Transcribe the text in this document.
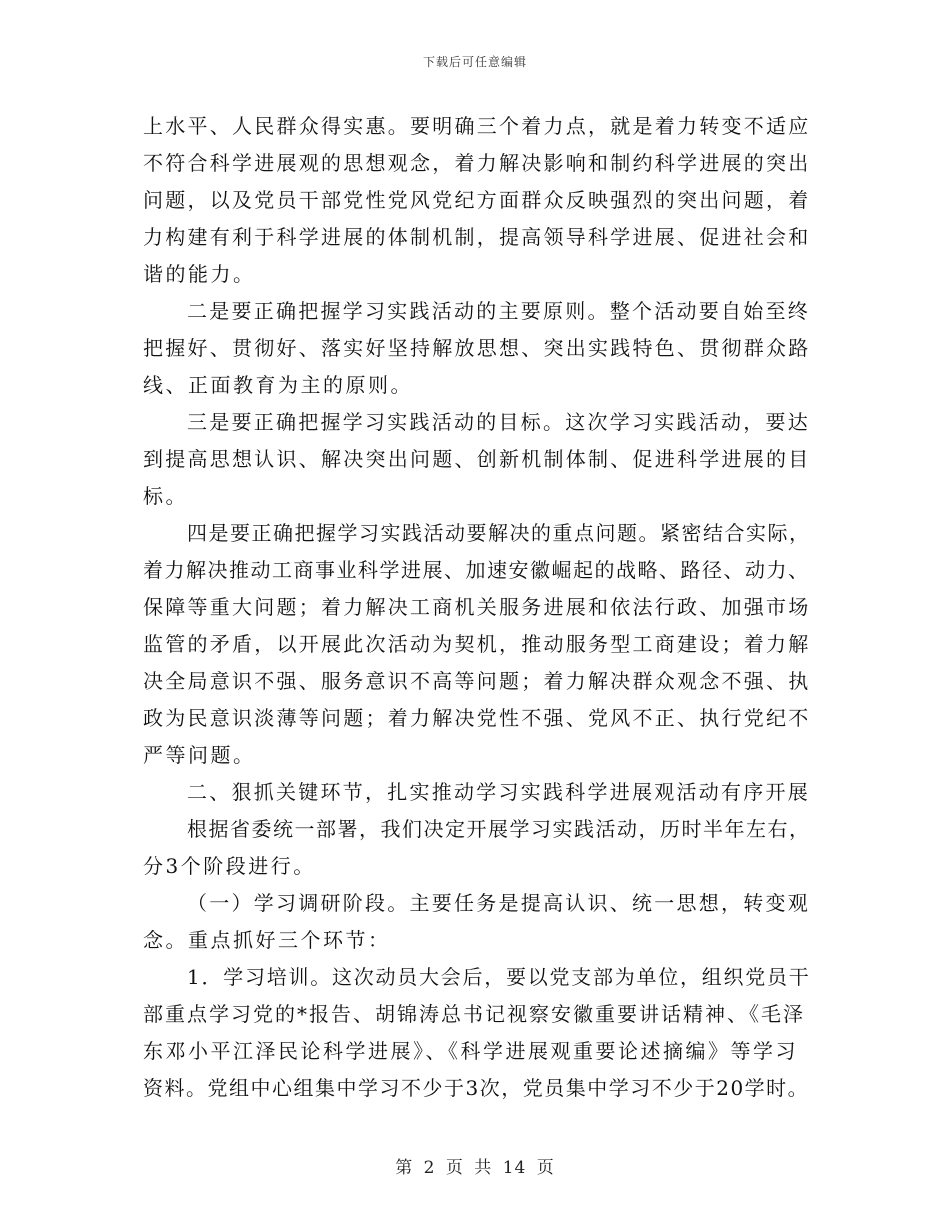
下载后可任意编辑
上水平、人民群众得实惠。要明确三个着力点，就是着力转变不适应
不符合科学进展观的思想观念，着力解决影响和制约科学进展的突出
问题，以及党员干部党性党风党纪方面群众反映强烈的突出问题，着
力构建有利于科学进展的体制机制，提高领导科学进展、促进社会和
谐的能力。
二是要正确把握学习实践活动的主要原则。整个活动要自始至终
把握好、贯彻好、落实好坚持解放思想、突出实践特色、贯彻群众路
线、正面教育为主的原则。
三是要正确把握学习实践活动的目标。这次学习实践活动，要达
到提高思想认识、解决突出问题、创新机制体制、促进科学进展的目
标。
四是要正确把握学习实践活动要解决的重点问题。紧密结合实际，
着力解决推动工商事业科学进展、加速安徽崛起的战略、路径、动力、
保障等重大问题；着力解决工商机关服务进展和依法行政、加强市场
监管的矛盾，以开展此次活动为契机，推动服务型工商建设；着力解
决全局意识不强、服务意识不高等问题；着力解决群众观念不强、执
政为民意识淡薄等问题；着力解决党性不强、党风不正、执行党纪不
严等问题。
二、狠抓关键环节，扎实推动学习实践科学进展观活动有序开展
根据省委统一部署，我们决定开展学习实践活动，历时半年左右，
分3个阶段进行。
（一）学习调研阶段。主要任务是提高认识、统一思想，转变观
念。重点抓好三个环节：
1．学习培训。这次动员大会后，要以党支部为单位，组织党员干
部重点学习党的*报告、胡锦涛总书记视察安徽重要讲话精神、《毛泽
东邓小平江泽民论科学进展》、《科学进展观重要论述摘编》等学习
资料。党组中心组集中学习不少于3次，党员集中学习不少于20学时。
第 2 页 共 14 页
